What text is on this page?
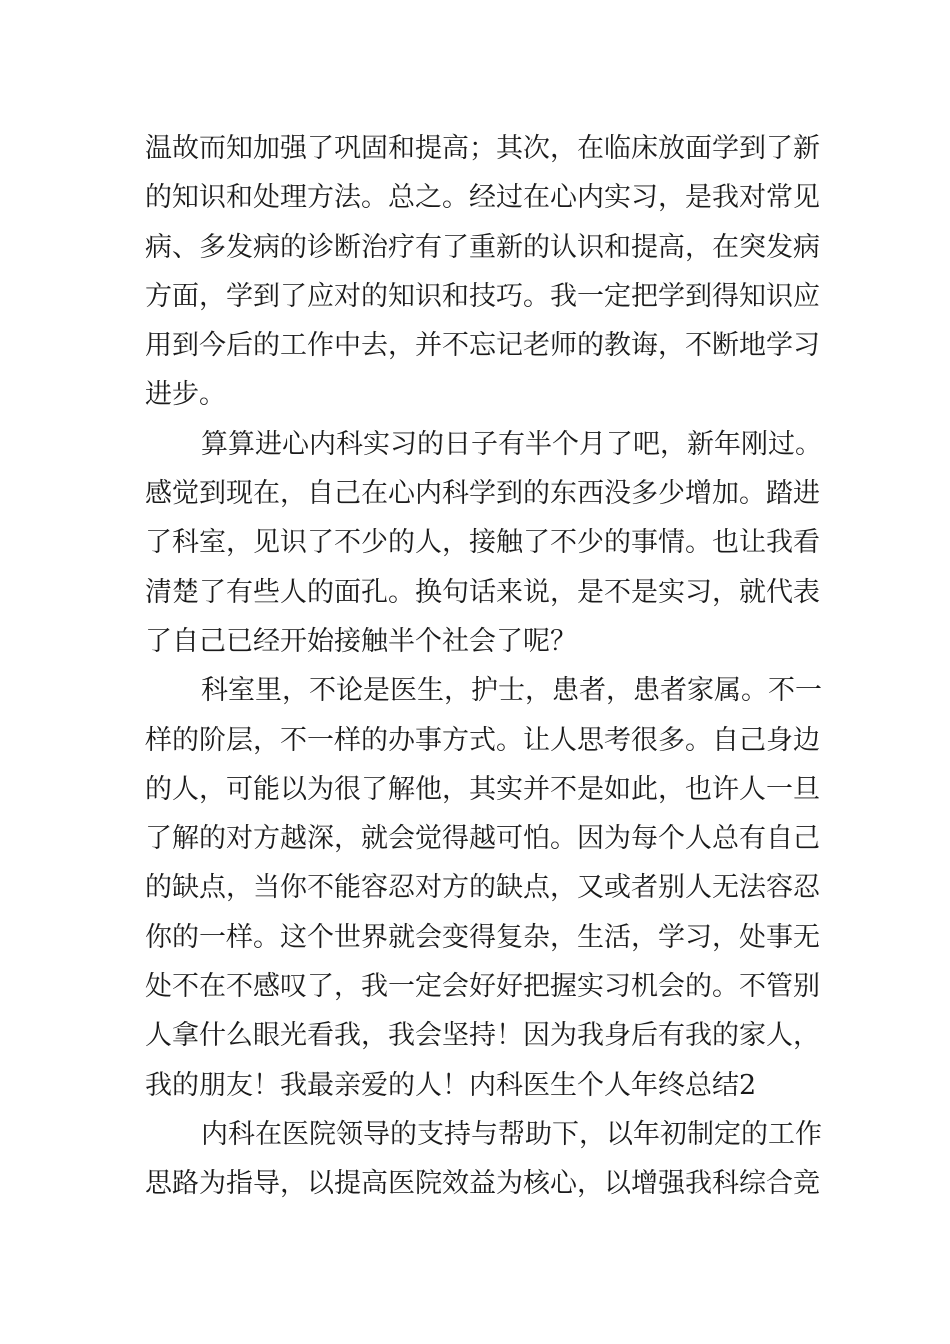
温故而知加强了巩固和提高；其次，在临床放面学到了新
的知识和处理方法。总之。经过在心内实习，是我对常见
病、多发病的诊断治疗有了重新的认识和提高，在突发病
方面，学到了应对的知识和技巧。我一定把学到得知识应
用到今后的工作中去，并不忘记老师的教诲，不断地学习
进步。
算算进心内科实习的日子有半个月了吧，新年刚过。
感觉到现在，自己在心内科学到的东西没多少增加。踏进
了科室，见识了不少的人，接触了不少的事情。也让我看
清楚了有些人的面孔。换句话来说，是不是实习，就代表
了自己已经开始接触半个社会了呢？
科室里，不论是医生，护士，患者，患者家属。不一
样的阶层，不一样的办事方式。让人思考很多。自己身边
的人，可能以为很了解他，其实并不是如此，也许人一旦
了解的对方越深，就会觉得越可怕。因为每个人总有自己
的缺点，当你不能容忍对方的缺点，又或者别人无法容忍
你的一样。这个世界就会变得复杂，生活，学习，处事无
处不在不感叹了，我一定会好好把握实习机会的。不管别
人拿什么眼光看我，我会坚持！因为我身后有我的家人，
我的朋友！我最亲爱的人！内科医生个人年终总结2
内科在医院领导的支持与帮助下，以年初制定的工作
思路为指导，以提高医院效益为核心，以增强我科综合竞
